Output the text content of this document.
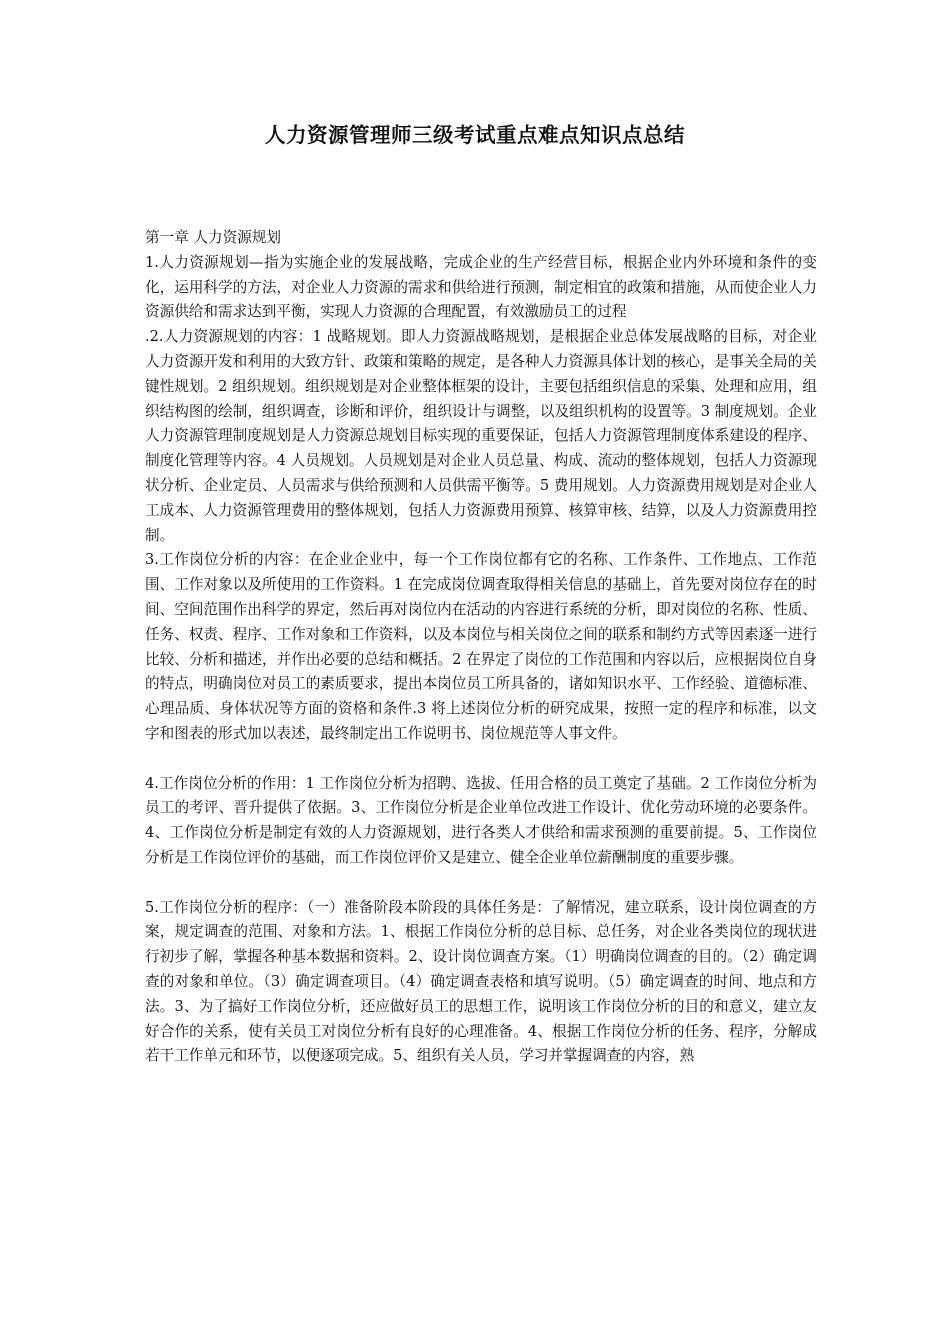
人力资源管理师三级考试重点难点知识点总结

第一章 人力资源规划

1.人力资源规划—指为实施企业的发展战略，完成企业的生产经营目标，根据企业内外环境和条件的变化，运用科学的方法，对企业人力资源的需求和供给进行预测，制定相宜的政策和措施，从而使企业人力资源供给和需求达到平衡，实现人力资源的合理配置，有效激励员工的过程

.2.人力资源规划的内容：1 战略规划。即人力资源战略规划，是根据企业总体发展战略的目标，对企业人力资源开发和利用的大致方针、政策和策略的规定，是各种人力资源具体计划的核心，是事关全局的关键性规划。2 组织规划。组织规划是对企业整体框架的设计，主要包括组织信息的采集、处理和应用，组织结构图的绘制，组织调查，诊断和评价，组织设计与调整，以及组织机构的设置等。3 制度规划。企业人力资源管理制度规划是人力资源总规划目标实现的重要保证，包括人力资源管理制度体系建设的程序、制度化管理等内容。4 人员规划。人员规划是对企业人员总量、构成、流动的整体规划，包括人力资源现状分析、企业定员、人员需求与供给预测和人员供需平衡等。5 费用规划。人力资源费用规划是对企业人工成本、人力资源管理费用的整体规划，包括人力资源费用预算、核算审核、结算，以及人力资源费用控制。

3.工作岗位分析的内容：在企业企业中，每一个工作岗位都有它的名称、工作条件、工作地点、工作范围、工作对象以及所使用的工作资料。1 在完成岗位调查取得相关信息的基础上，首先要对岗位存在的时间、空间范围作出科学的界定，然后再对岗位内在活动的内容进行系统的分析，即对岗位的名称、性质、任务、权责、程序、工作对象和工作资料，以及本岗位与相关岗位之间的联系和制约方式等因素逐一进行比较、分析和描述，并作出必要的总结和概括。2 在界定了岗位的工作范围和内容以后，应根据岗位自身的特点，明确岗位对员工的素质要求，提出本岗位员工所具备的，诸如知识水平、工作经验、道德标准、心理品质、身体状况等方面的资格和条件.3 将上述岗位分析的研究成果，按照一定的程序和标准，以文字和图表的形式加以表述，最终制定出工作说明书、岗位规范等人事文件。

4.工作岗位分析的作用：1 工作岗位分析为招聘、选拔、任用合格的员工奠定了基础。2 工作岗位分析为员工的考评、晋升提供了依据。3、工作岗位分析是企业单位改进工作设计、优化劳动环境的必要条件。4、工作岗位分析是制定有效的人力资源规划，进行各类人才供给和需求预测的重要前提。5、工作岗位分析是工作岗位评价的基础，而工作岗位评价又是建立、健全企业单位薪酬制度的重要步骤。

5.工作岗位分析的程序：（一）准备阶段本阶段的具体任务是：了解情况，建立联系，设计岗位调查的方案，规定调查的范围、对象和方法。1、根据工作岗位分析的总目标、总任务，对企业各类岗位的现状进行初步了解，掌握各种基本数据和资料。2、设计岗位调查方案。（1）明确岗位调查的目的。（2）确定调查的对象和单位。（3）确定调查项目。（4）确定调查表格和填写说明。（5）确定调查的时间、地点和方法。3、为了搞好工作岗位分析，还应做好员工的思想工作，说明该工作岗位分析的目的和意义，建立友好合作的关系，使有关员工对岗位分析有良好的心理准备。4、根据工作岗位分析的任务、程序，分解成若干工作单元和环节，以便逐项完成。5、组织有关人员，学习并掌握调查的内容，熟
